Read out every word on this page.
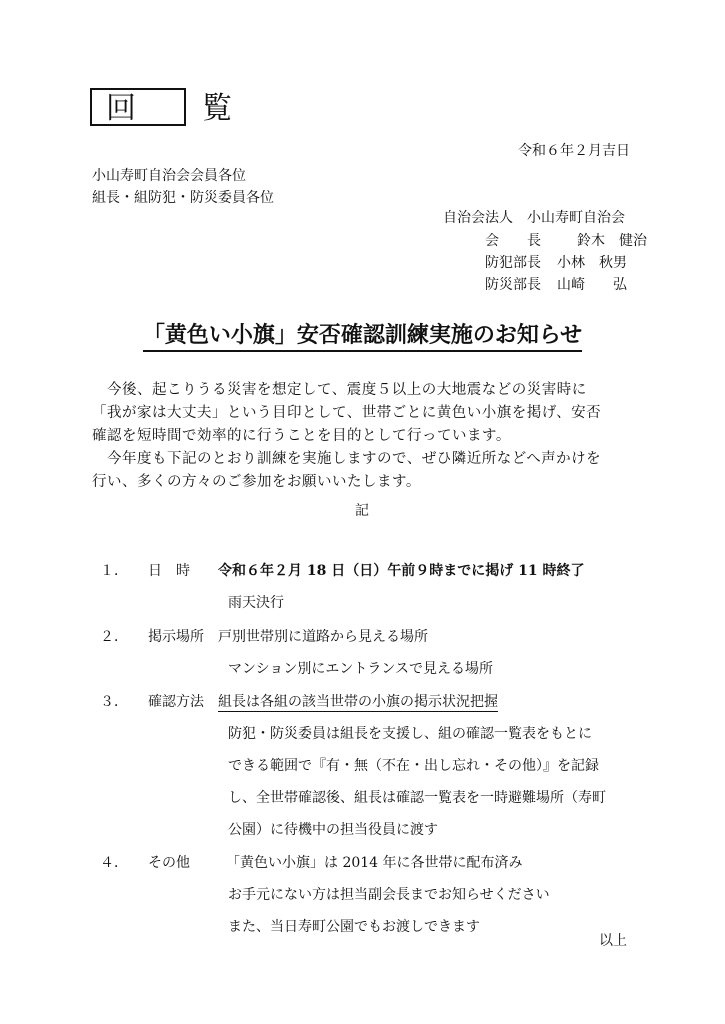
回　覧
令和６年２月吉日
小山寿町自治会会員各位
組長・組防犯・防災委員各位
自治会法人　 小山寿町自治会
会　　長	鈴木　健治
防犯部長 小林　秋男
防災部長 山崎　　弘
「黄色い小旗」安否確認訓練実施のお知らせ
　今後、起こりうる災害を想定して、震度５以上の大地震などの災害時に
「我が家は大丈夫」という目印として、世帯ごとに黄色い小旗を掲げ、安否
確認を短時間で効率的に行うことを目的として行っています。
　今年度も下記のとおり訓練を実施しますので、ぜひ隣近所などへ声かけを
行い、多くの方々のご参加をお願いいたします。
記
１． 日　時 令和６年２月 18 日（日）午前９時までに掲げ 11 時終了
雨天決行
２． 掲示場所 戸別世帯別に道路から見える場所
マンション別にエントランスで見える場所
３． 確認方法 組長は各組の該当世帯の小旗の掲示状況把握
防犯・防災委員は組長を支援し、組の確認一覧表をもとに
できる範囲で『有・無（不在・出し忘れ・その他）』を記録
し、全世帯確認後、組長は確認一覧表を一時避難場所（寿町
公園）に待機中の担当役員に渡す
４． その他	「黄色い小旗」は 2014 年に各世帯に配布済み
お手元にない方は担当副会長までお知らせください
また、当日寿町公園でもお渡しできます
以上
